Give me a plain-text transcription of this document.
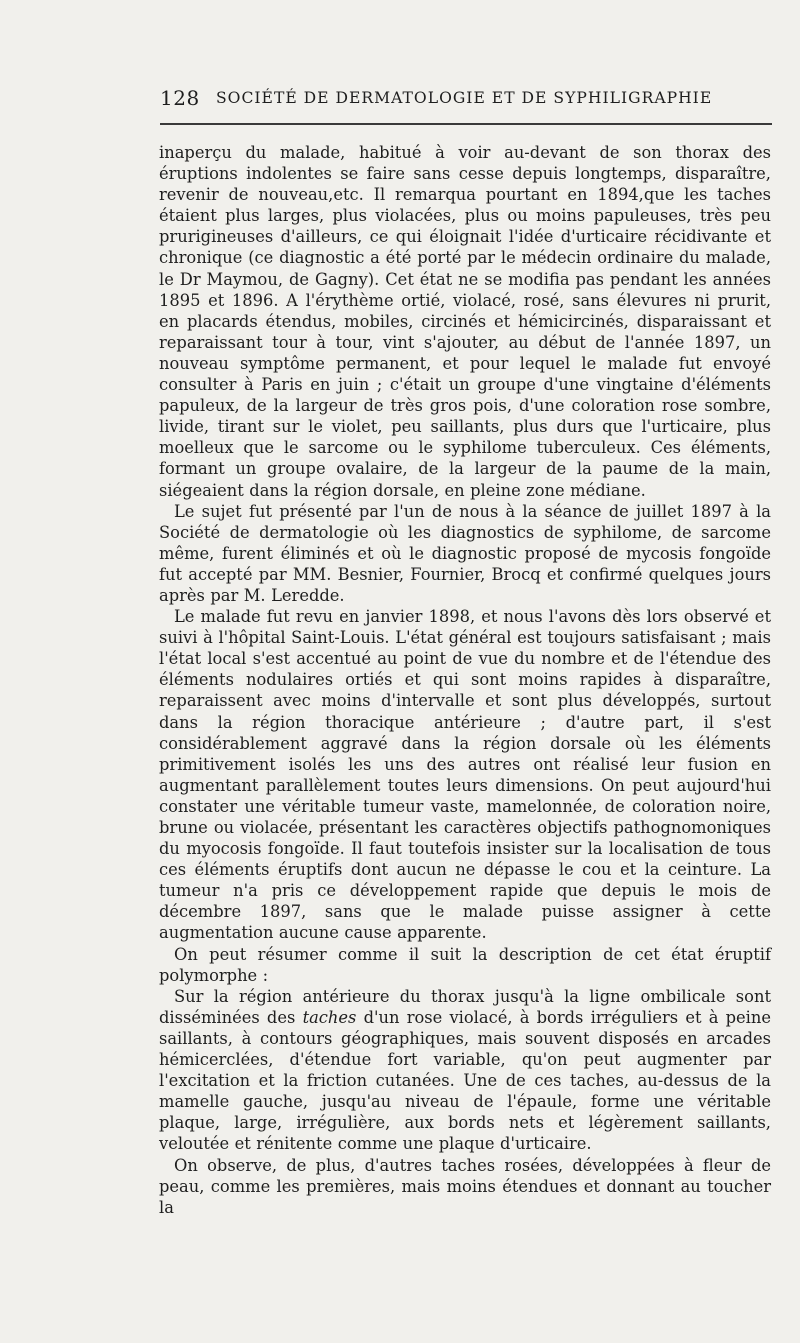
128 SOCIÉTÉ DE DERMATOLOGIE ET DE SYPHILIGRAPHIE

inaperçu du malade, habitué à voir au-devant de son thorax des éruptions indolentes se faire sans cesse depuis longtemps, disparaître, revenir de nouveau,etc. Il remarqua pourtant en 1894,que les taches étaient plus larges, plus violacées, plus ou moins papuleuses, très peu prurigineuses d'ailleurs, ce qui éloignait l'idée d'urticaire récidivante et chronique (ce diagnostic a été porté par le médecin ordinaire du malade, le Dr Maymou, de Gagny). Cet état ne se modifia pas pendant les années 1895 et 1896. A l'érythème ortié, violacé, rosé, sans élevures ni prurit, en placards étendus, mobiles, circinés et hémicircinés, disparaissant et reparaissant tour à tour, vint s'ajouter, au début de l'année 1897, un nouveau symptôme permanent, et pour lequel le malade fut envoyé consulter à Paris en juin ; c'était un groupe d'une vingtaine d'éléments papuleux, de la largeur de très gros pois, d'une coloration rose sombre, livide, tirant sur le violet, peu saillants, plus durs que l'urticaire, plus moelleux que le sarcome ou le syphilome tuberculeux. Ces éléments, formant un groupe ovalaire, de la largeur de la paume de la main, siégeaient dans la région dorsale, en pleine zone médiane.

Le sujet fut présenté par l'un de nous à la séance de juillet 1897 à la Société de dermatologie où les diagnostics de syphilome, de sarcome même, furent éliminés et où le diagnostic proposé de mycosis fongoïde fut accepté par MM. Besnier, Fournier, Brocq et confirmé quelques jours après par M. Leredde.

Le malade fut revu en janvier 1898, et nous l'avons dès lors observé et suivi à l'hôpital Saint-Louis. L'état général est toujours satisfaisant ; mais l'état local s'est accentué au point de vue du nombre et de l'étendue des éléments nodulaires ortiés et qui sont moins rapides à disparaître, reparaissent avec moins d'intervalle et sont plus développés, surtout dans la région thoracique antérieure ; d'autre part, il s'est considérablement aggravé dans la région dorsale où les éléments primitivement isolés les uns des autres ont réalisé leur fusion en augmentant parallèlement toutes leurs dimensions. On peut aujourd'hui constater une véritable tumeur vaste, mamelonnée, de coloration noire, brune ou violacée, présentant les caractères objectifs pathognomoniques du myocosis fongoïde. Il faut toutefois insister sur la localisation de tous ces éléments éruptifs dont aucun ne dépasse le cou et la ceinture. La tumeur n'a pris ce développement rapide que depuis le mois de décembre 1897, sans que le malade puisse assigner à cette augmentation aucune cause apparente.

On peut résumer comme il suit la description de cet état éruptif polymorphe :

Sur la région antérieure du thorax jusqu'à la ligne ombilicale sont disséminées des taches d'un rose violacé, à bords irréguliers et à peine saillants, à contours géographiques, mais souvent disposés en arcades hémicerclées, d'étendue fort variable, qu'on peut augmenter par l'excitation et la friction cutanées. Une de ces taches, au-dessus de la mamelle gauche, jusqu'au niveau de l'épaule, forme une véritable plaque, large, irrégulière, aux bords nets et légèrement saillants, veloutée et rénitente comme une plaque d'urticaire.

On observe, de plus, d'autres taches rosées, développées à fleur de peau, comme les premières, mais moins étendues et donnant au toucher la
